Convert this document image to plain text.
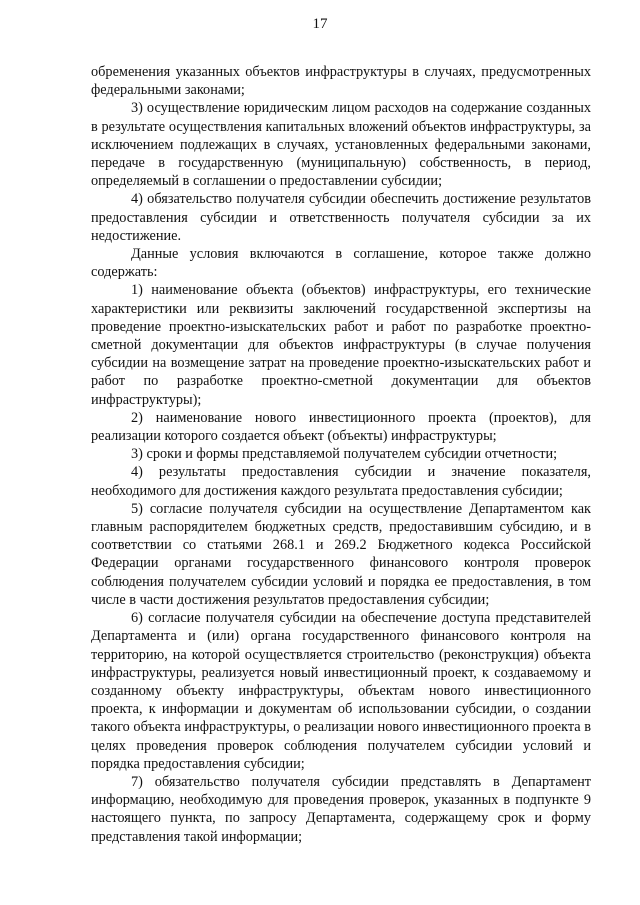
17

обременения указанных объектов инфраструктуры в случаях, предусмотренных федеральными законами;

3) осуществление юридическим лицом расходов на содержание созданных в результате осуществления капитальных вложений объектов инфраструктуры, за исключением подлежащих в случаях, установленных федеральными законами, передаче в государственную (муниципальную) собственность, в период, определяемый в соглашении о предоставлении субсидии;

4) обязательство получателя субсидии обеспечить достижение результатов предоставления субсидии и ответственность получателя субсидии за их недостижение.

Данные условия включаются в соглашение, которое также должно содержать:

1) наименование объекта (объектов) инфраструктуры, его технические характеристики или реквизиты заключений государственной экспертизы на проведение проектно-изыскательских работ и работ по разработке проектно-сметной документации для объектов инфраструктуры (в случае получения субсидии на возмещение затрат на проведение проектно-изыскательских работ и работ по разработке проектно-сметной документации для объектов инфраструктуры);

2) наименование нового инвестиционного проекта (проектов), для реализации которого создается объект (объекты) инфраструктуры;

3) сроки и формы представляемой получателем субсидии отчетности;

4) результаты предоставления субсидии и значение показателя, необходимого для достижения каждого результата предоставления субсидии;

5) согласие получателя субсидии на осуществление Департаментом как главным распорядителем бюджетных средств, предоставившим субсидию, и в соответствии со статьями 268.1 и 269.2 Бюджетного кодекса Российской Федерации органами государственного финансового контроля проверок соблюдения получателем субсидии условий и порядка ее предоставления, в том числе в части достижения результатов предоставления субсидии;

6) согласие получателя субсидии на обеспечение доступа представителей Департамента и (или) органа государственного финансового контроля на территорию, на которой осуществляется строительство (реконструкция) объекта инфраструктуры, реализуется новый инвестиционный проект, к создаваемому и созданному объекту инфраструктуры, объектам нового инвестиционного проекта, к информации и документам об использовании субсидии, о создании такого объекта инфраструктуры, о реализации нового инвестиционного проекта в целях проведения проверок соблюдения получателем субсидии условий и порядка предоставления субсидии;

7) обязательство получателя субсидии представлять в Департамент информацию, необходимую для проведения проверок, указанных в подпункте 9 настоящего пункта, по запросу Департамента, содержащему срок и форму представления такой информации;
